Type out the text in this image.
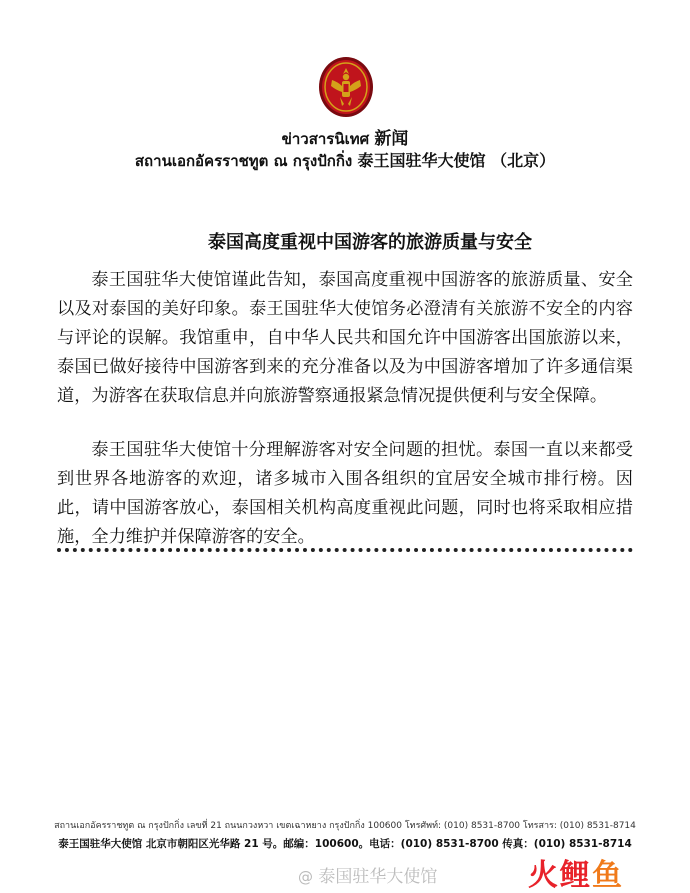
ข่าวสารนิเทศ 新闻
สถานเอกอัครราชทูต ณ กรุงปักกิ่ง 泰王国驻华大使馆 （北京）
泰国高度重视中国游客的旅游质量与安全

泰王国驻华大使馆谨此告知，泰国高度重视中国游客的旅游质量、安全以及对泰国的美好印象。泰王国驻华大使馆务必澄清有关旅游不安全的内容与评论的误解。我馆重申，自中华人民共和国允许中国游客出国旅游以来，泰国已做好接待中国游客到来的充分准备以及为中国游客增加了许多通信渠道，为游客在获取信息并向旅游警察通报紧急情况提供便利与安全保障。

泰王国驻华大使馆十分理解游客对安全问题的担忧。泰国一直以来都受到世界各地游客的欢迎，诸多城市入围各组织的宜居安全城市排行榜。因此，请中国游客放心，泰国相关机构高度重视此问题，同时也将采取相应措施，全力维护并保障游客的安全。

สถานเอกอัครราชทูต ณ กรุงปักกิ่ง เลขที่ 21 ถนนกวงหวา เขตเฉาหยาง กรุงปักกิ่ง 100600 โทรศัพท์: (010) 8531-8700 โทรสาร: (010) 8531-8714
泰王国驻华大使馆 北京市朝阳区光华路 21 号。邮编：100600。电话：(010) 8531-8700 传真：(010) 8531-8714
@ 泰国驻华大使馆	火鲤鱼
